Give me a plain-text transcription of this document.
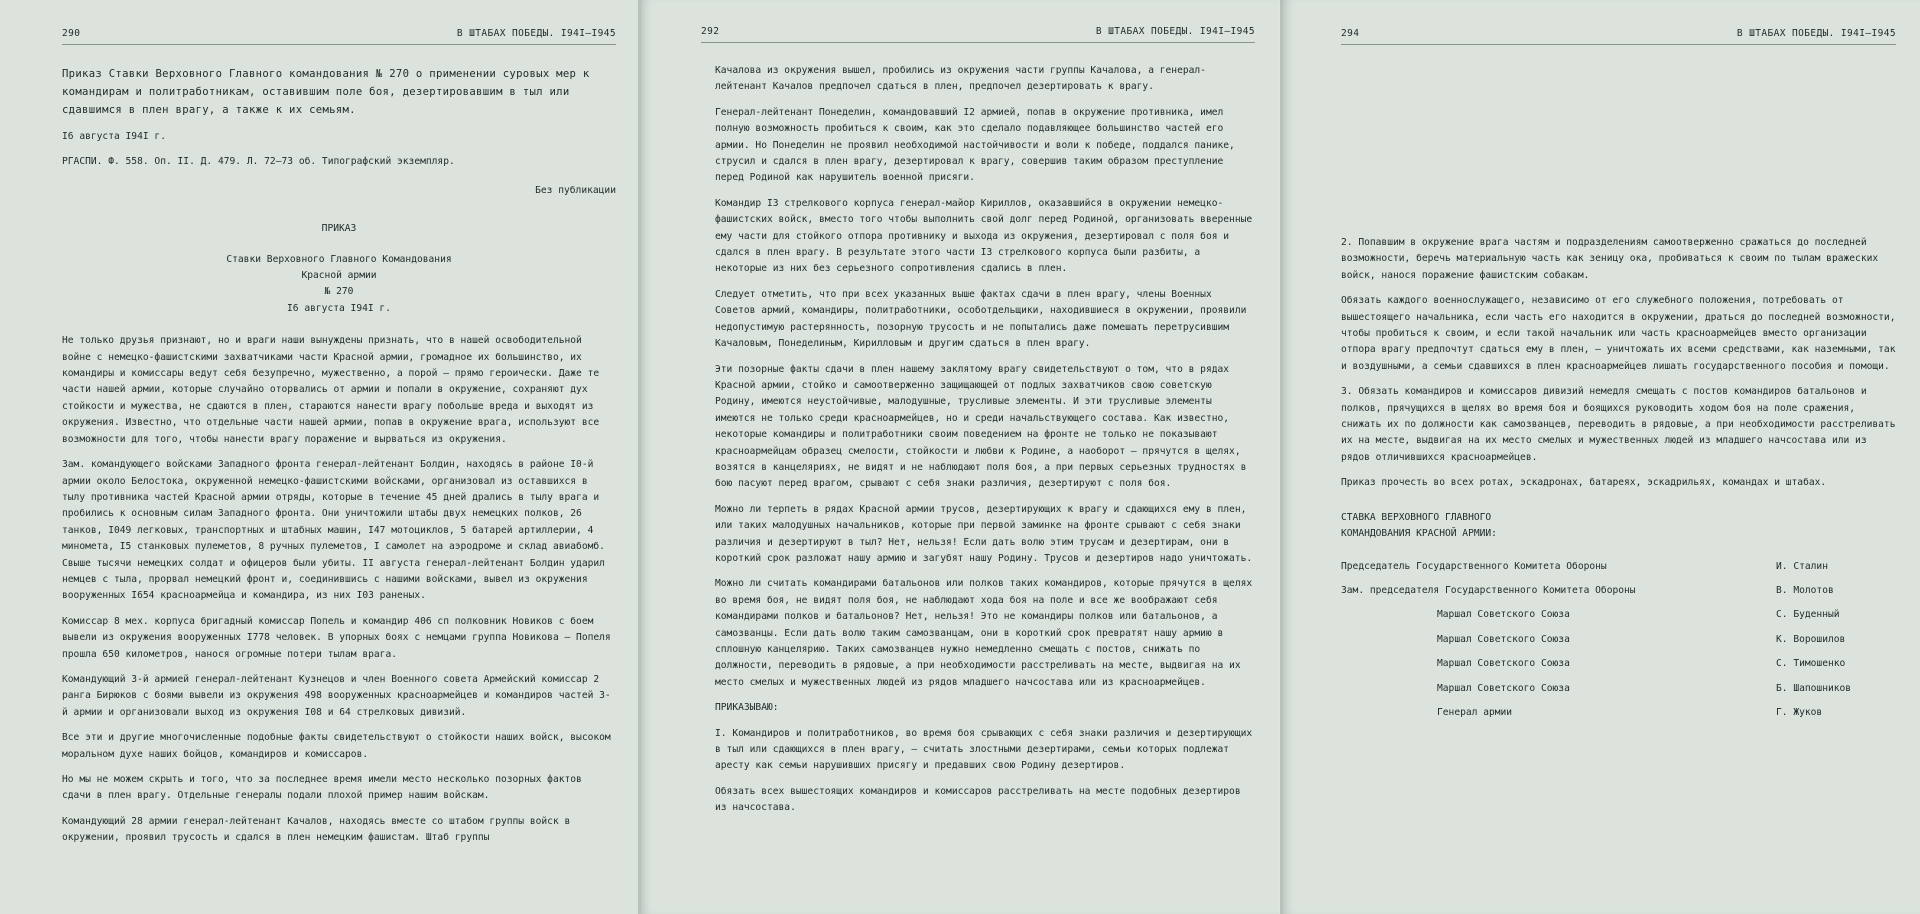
290	В ШТАБАХ ПОБЕДЫ. I94I–I945
Приказ Ставки Верховного Главного командования № 270 о применении суровых мер к командирам и политработникам, оставившим поле боя, дезертировавшим в тыл или сдавшимся в плен врагу, а также к их семьям.

I6 августа I94I г.

РГАСПИ. Ф. 558. Оп. II. Д. 479. Л. 72–73 об. Типографский экземпляр.

Без публикации
ПРИКАЗ
Ставки Верховного Главного Командования
Красной армии
№ 270
I6 августа I94I г.

Не только друзья признают, но и враги наши вынуждены признать, что в нашей освободительной войне с немецко-фашистскими захватчиками части Красной армии, громадное их большинство, их командиры и комиссары ведут себя безупречно, мужественно, а порой — прямо героически. Даже те части нашей армии, которые случайно оторвались от армии и попали в окружение, сохраняют дух стойкости и мужества, не сдаются в плен, стараются нанести врагу побольше вреда и выходят из окружения. Известно, что отдельные части нашей армии, попав в окружение врага, используют все возможности для того, чтобы нанести врагу поражение и вырваться из окружения.

Зам. командующего войсками Западного фронта генерал-лейтенант Болдин, находясь в районе I0-й армии около Белостока, окруженной немецко-фашистскими войсками, организовал из оставшихся в тылу противника частей Красной армии отряды, которые в течение 45 дней дрались в тылу врага и пробились к основным силам Западного фронта. Они уничтожили штабы двух немецких полков, 26 танков, I049 легковых, транспортных и штабных машин, I47 мотоциклов, 5 батарей артиллерии, 4 минометa, I5 станковых пулеметов, 8 ручных пулеметов, I самолет на аэродроме и склад авиабомб. Свыше тысячи немецких солдат и офицеров были убиты. II августа генерал-лейтенант Болдин ударил немцев с тыла, прорвал немецкий фронт и, соединившись с нашими войсками, вывел из окружения вооруженных I654 красноармейца и командира, из них I03 раненых.

Комиссар 8 мех. корпуса бригадный комиссар Попель и командир 406 сп полковник Новиков с боем вывели из окружения вооруженных I778 человек. В упорных боях с немцами группа Новикова — Попеля прошла 650 километров, нанося огромные потери тылам врага.

Командующий 3-й армией генерал-лейтенант Кузнецов и член Военного совета Армейский комиссар 2 ранга Бирюков с боями вывели из окружения 498 вооруженных красноармейцев и командиров частей 3-й армии и организовали выход из окружения I08 и 64 стрелковых дивизий.

Все эти и другие многочисленные подобные факты свидетельствуют о стойкости наших войск, высоком моральном духе наших бойцов, командиров и комиссаров.

Но мы не можем скрыть и того, что за последнее время имели место несколько позорных фактов сдачи в плен врагу. Отдельные генералы подали плохой пример нашим войскам.

Командующий 28 армии генерал-лейтенант Качалов, находясь вместе со штабом группы войск в окружении, проявил трусость и сдался в плен немецким фашистам. Штаб группы

292	В ШТАБАХ ПОБЕДЫ. I94I–I945

Качалова из окружения вышел, пробились из окружения части группы Качалова, а генерал-лейтенант Качалов предпочел сдаться в плен, предпочел дезертировать к врагу.

Генерал-лейтенант Понеделин, командовавший I2 армией, попав в окружение противника, имел полную возможность пробиться к своим, как это сделало подавляющее большинство частей его армии. Но Понеделин не проявил необходимой настойчивости и воли к победе, поддался панике, струсил и сдался в плен врагу, дезертировал к врагу, совершив таким образом преступление перед Родиной как нарушитель военной присяги.

Командир I3 стрелкового корпуса генерал-майор Кириллов, оказавшийся в окружении немецко-фашистских войск, вместо того чтобы выполнить свой долг перед Родиной, организовать вверенные ему части для стойкого отпора противнику и выхода из окружения, дезертировал с поля боя и сдался в плен врагу. В результате этого части I3 стрелкового корпуса были разбиты, а некоторые из них без серьезного сопротивления сдались в плен.

Следует отметить, что при всех указанных выше фактах сдачи в плен врагу, члены Военных Советов армий, командиры, политработники, особотдельщики, находившиеся в окружении, проявили недопустимую растерянность, позорную трусость и не попытались даже помешать перетрусившим Качаловым, Понеделиным, Кирилловым и другим сдаться в плен врагу.

Эти позорные факты сдачи в плен нашему заклятому врагу свидетельствуют о том, что в рядах Красной армии, стойко и самоотверженно защищающей от подлых захватчиков свою советскую Родину, имеются неустойчивые, малодушные, трусливые элементы. И эти трусливые элементы имеются не только среди красноармейцев, но и среди начальствующего состава. Как известно, некоторые командиры и политработники своим поведением на фронте не только не показывают красноармейцам образец смелости, стойкости и любви к Родине, а наоборот — прячутся в щелях, возятся в канцеляриях, не видят и не наблюдают поля боя, а при первых серьезных трудностях в бою пасуют перед врагом, срывают с себя знаки различия, дезертируют с поля боя.

Можно ли терпеть в рядах Красной армии трусов, дезертирующих к врагу и сдающихся ему в плен, или таких малодушных начальников, которые при первой заминке на фронте срывают с себя знаки различия и дезертируют в тыл? Нет, нельзя! Если дать волю этим трусам и дезертирам, они в короткий срок разложат нашу армию и загубят нашу Родину. Трусов и дезертиров надо уничтожать.

Можно ли считать командирами батальонов или полков таких командиров, которые прячутся в щелях во время боя, не видят поля боя, не наблюдают хода боя на поле и все же воображают себя командирами полков и батальонов? Нет, нельзя! Это не командиры полков или батальонов, а самозванцы. Если дать волю таким самозванцам, они в короткий срок превратят нашу армию в сплошную канцелярию. Таких самозванцев нужно немедленно смещать с постов, снижать по должности, переводить в рядовые, а при необходимости расстреливать на месте, выдвигая на их место смелых и мужественных людей из рядов младшего начсостава или из красноармейцев.

ПРИКАЗЫВАЮ:

I. Командиров и политработников, во время боя срывающих с себя знаки различия и дезертирующих в тыл или сдающихся в плен врагу, — считать злостными дезертирами, семьи которых подлежат аресту как семьи нарушивших присягу и предавших свою Родину дезертиров.

Обязать всех вышестоящих командиров и комиссаров расстреливать на месте подобных дезертиров из начсостава.

294	В ШТАБАХ ПОБЕДЫ. I94I–I945

2. Попавшим в окружение врага частям и подразделениям самоотверженно сражаться до последней возможности, беречь материальную часть как зеницу ока, пробиваться к своим по тылам вражеских войск, нанося поражение фашистским собакам.

Обязать каждого военнослужащего, независимо от его служебного положения, потребовать от вышестоящего начальника, если часть его находится в окружении, драться до последней возможности, чтобы пробиться к своим, и если такой начальник или часть красноармейцев вместо организации отпора врагу предпочтут сдаться ему в плен, — уничтожать их всеми средствами, как наземными, так и воздушными, а семьи сдавшихся в плен красноармейцев лишать государственного пособия и помощи.

3. Обязать командиров и комиссаров дивизий немедля смещать с постов командиров батальонов и полков, прячущихся в щелях во время боя и боящихся руководить ходом боя на поле сражения, снижать их по должности как самозванцев, переводить в рядовые, а при необходимости расстреливать их на месте, выдвигая на их место смелых и мужественных людей из младшего начсостава или из рядов отличившихся красноармейцев.

Приказ прочесть во всех ротах, эскадронах, батареях, эскадрильях, командах и штабах.

СТАВКА ВЕРХОВНОГО ГЛАВНОГО
КОМАНДОВАНИЯ КРАСНОЙ АРМИИ:
Председатель Государственного Комитета Обороны	И. Сталин
Зам. председателя Государственного Комитета Обороны	В. Молотов
Маршал Советского Союза	С. Буденный
Маршал Советского Союза	К. Ворошилов
Маршал Советского Союза	С. Тимошенко
Маршал Советского Союза	Б. Шапошников
Генерал армии	Г. Жуков
